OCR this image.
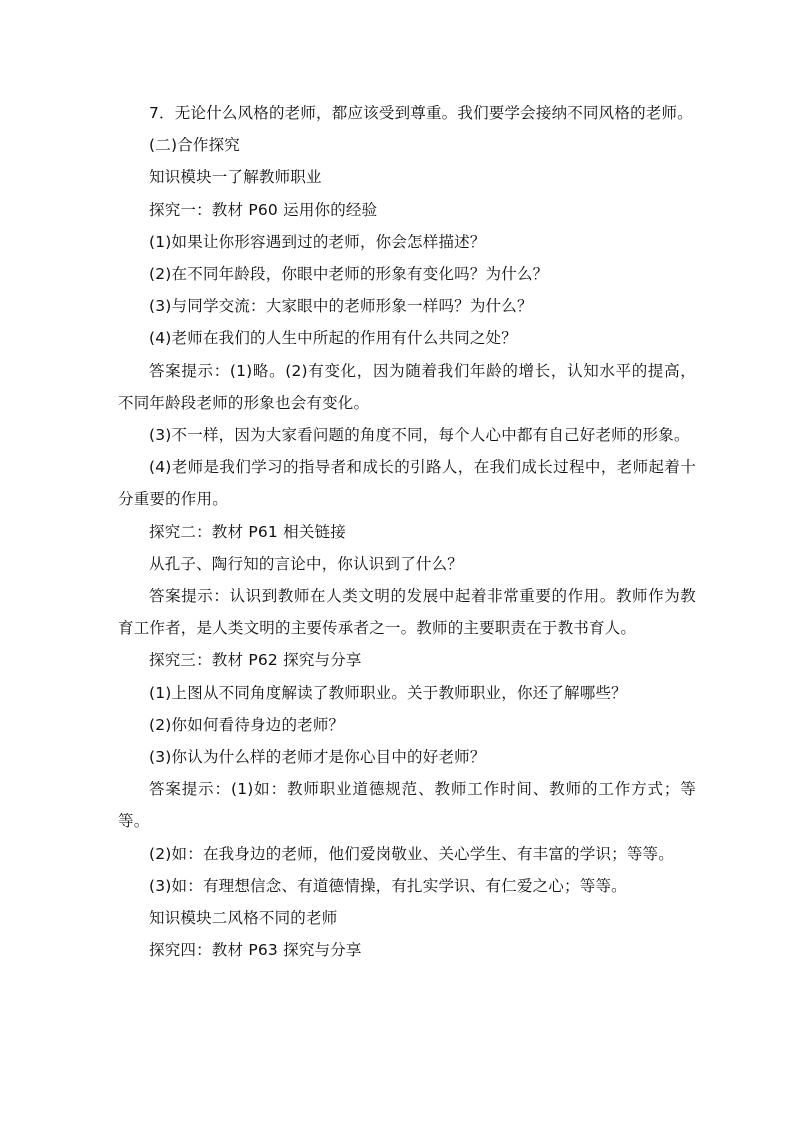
7．无论什么风格的老师，都应该受到尊重。我们要学会接纳不同风格的老师。

(二)合作探究

知识模块一了解教师职业

探究一：教材 P60 运用你的经验

(1)如果让你形容遇到过的老师，你会怎样描述？

(2)在不同年龄段，你眼中老师的形象有变化吗？为什么？

(3)与同学交流：大家眼中的老师形象一样吗？为什么？

(4)老师在我们的人生中所起的作用有什么共同之处？

答案提示：(1)略。(2)有变化，因为随着我们年龄的增长，认知水平的提高，不同年龄段老师的形象也会有变化。

(3)不一样，因为大家看问题的角度不同，每个人心中都有自己好老师的形象。

(4)老师是我们学习的指导者和成长的引路人，在我们成长过程中，老师起着十分重要的作用。

探究二：教材 P61 相关链接

从孔子、陶行知的言论中，你认识到了什么？

答案提示：认识到教师在人类文明的发展中起着非常重要的作用。教师作为教育工作者，是人类文明的主要传承者之一。教师的主要职责在于教书育人。

探究三：教材 P62 探究与分享

(1)上图从不同角度解读了教师职业。关于教师职业，你还了解哪些？

(2)你如何看待身边的老师？

(3)你认为什么样的老师才是你心目中的好老师？

答案提示：(1)如：教师职业道德规范、教师工作时间、教师的工作方式；等等。

(2)如：在我身边的老师，他们爱岗敬业、关心学生、有丰富的学识；等等。

(3)如：有理想信念、有道德情操，有扎实学识、有仁爱之心；等等。

知识模块二风格不同的老师

探究四：教材 P63 探究与分享
